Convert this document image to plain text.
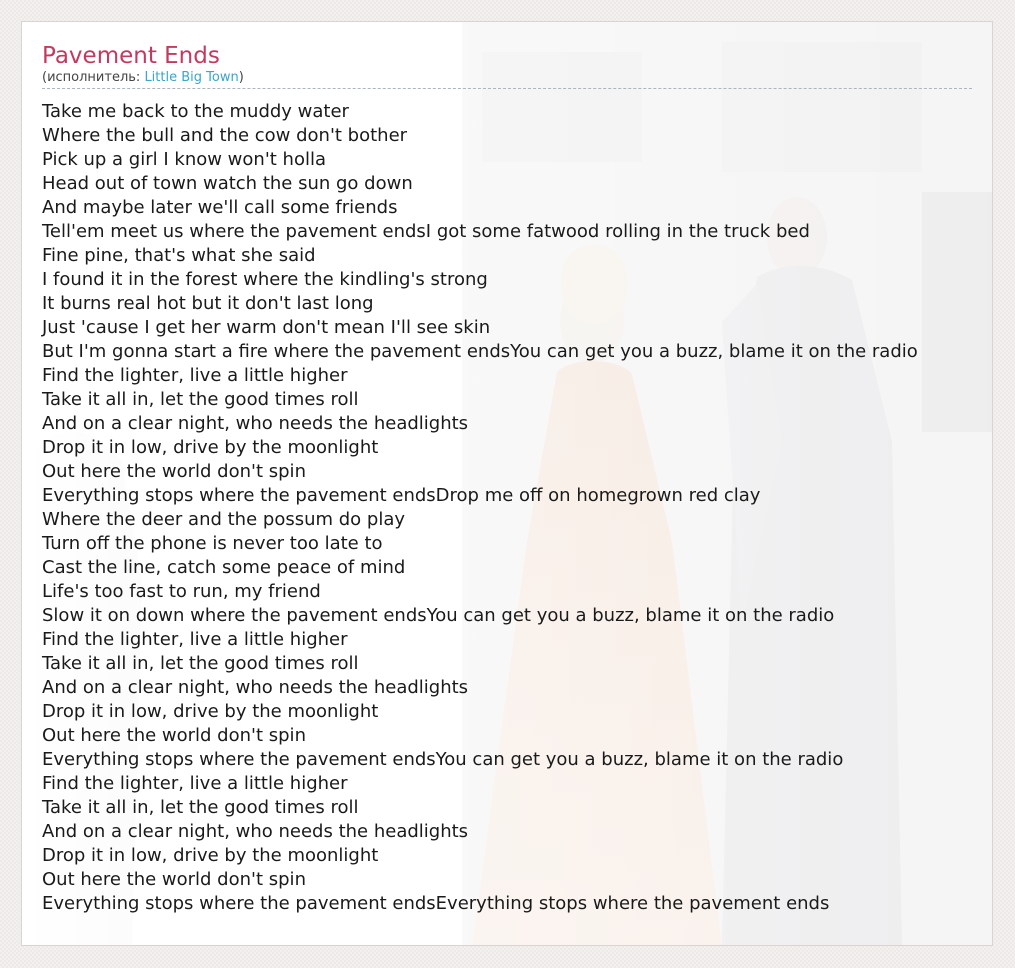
Pavement Ends
(исполнитель: Little Big Town)
Take me back to the muddy water
Where the bull and the cow don't bother
Pick up a girl I know won't holla
Head out of town watch the sun go down
And maybe later we'll call some friends
Tell'em meet us where the pavement endsI got some fatwood rolling in the truck bed
Fine pine, that's what she said
I found it in the forest where the kindling's strong
It burns real hot but it don't last long
Just 'cause I get her warm don't mean I'll see skin
But I'm gonna start a fire where the pavement endsYou can get you a buzz, blame it on the radio
Find the lighter, live a little higher
Take it all in, let the good times roll
And on a clear night, who needs the headlights
Drop it in low, drive by the moonlight
Out here the world don't spin
Everything stops where the pavement endsDrop me off on homegrown red clay
Where the deer and the possum do play
Turn off the phone is never too late to
Cast the line, catch some peace of mind
Life's too fast to run, my friend
Slow it on down where the pavement endsYou can get you a buzz, blame it on the radio
Find the lighter, live a little higher
Take it all in, let the good times roll
And on a clear night, who needs the headlights
Drop it in low, drive by the moonlight
Out here the world don't spin
Everything stops where the pavement endsYou can get you a buzz, blame it on the radio
Find the lighter, live a little higher
Take it all in, let the good times roll
And on a clear night, who needs the headlights
Drop it in low, drive by the moonlight
Out here the world don't spin
Everything stops where the pavement endsEverything stops where the pavement ends
